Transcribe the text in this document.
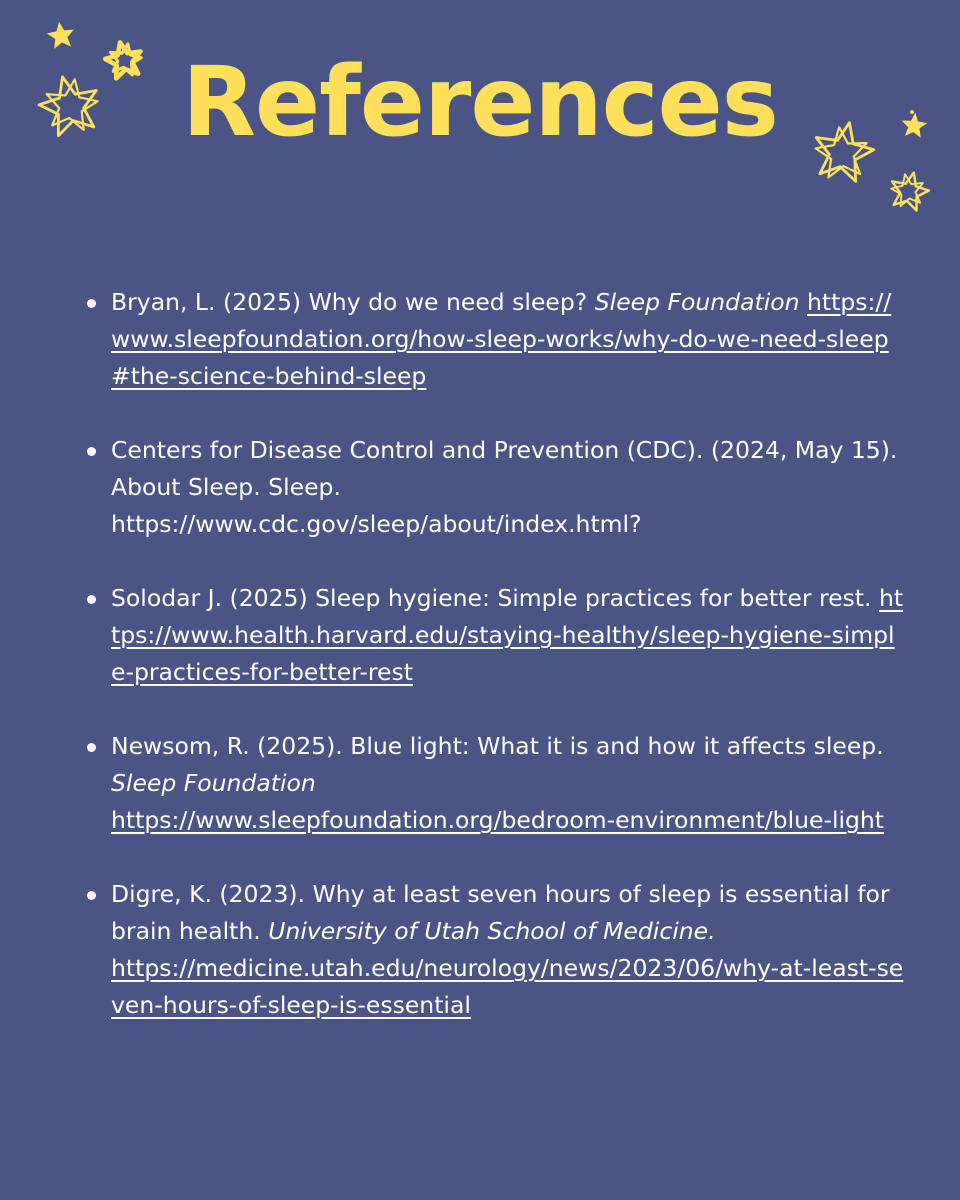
References
Bryan, L. (2025) Why do we need sleep? Sleep Foundation https://www.sleepfoundation.org/how-sleep-works/why-do-we-need-sleep#the-science-behind-sleep
Centers for Disease Control and Prevention (CDC). (2024, May 15). About Sleep. Sleep.
https://www.cdc.gov/sleep/about/index.html?
Solodar J. (2025) Sleep hygiene: Simple practices for better rest. https://www.health.harvard.edu/staying-healthy/sleep-hygiene-simple-practices-for-better-rest
Newsom, R. (2025). Blue light: What it is and how it affects sleep. Sleep Foundation
https://www.sleepfoundation.org/bedroom-environment/blue-light
Digre, K. (2023). Why at least seven hours of sleep is essential for brain health. University of Utah School of Medicine.
https://medicine.utah.edu/neurology/news/2023/06/why-at-least-seven-hours-of-sleep-is-essential
